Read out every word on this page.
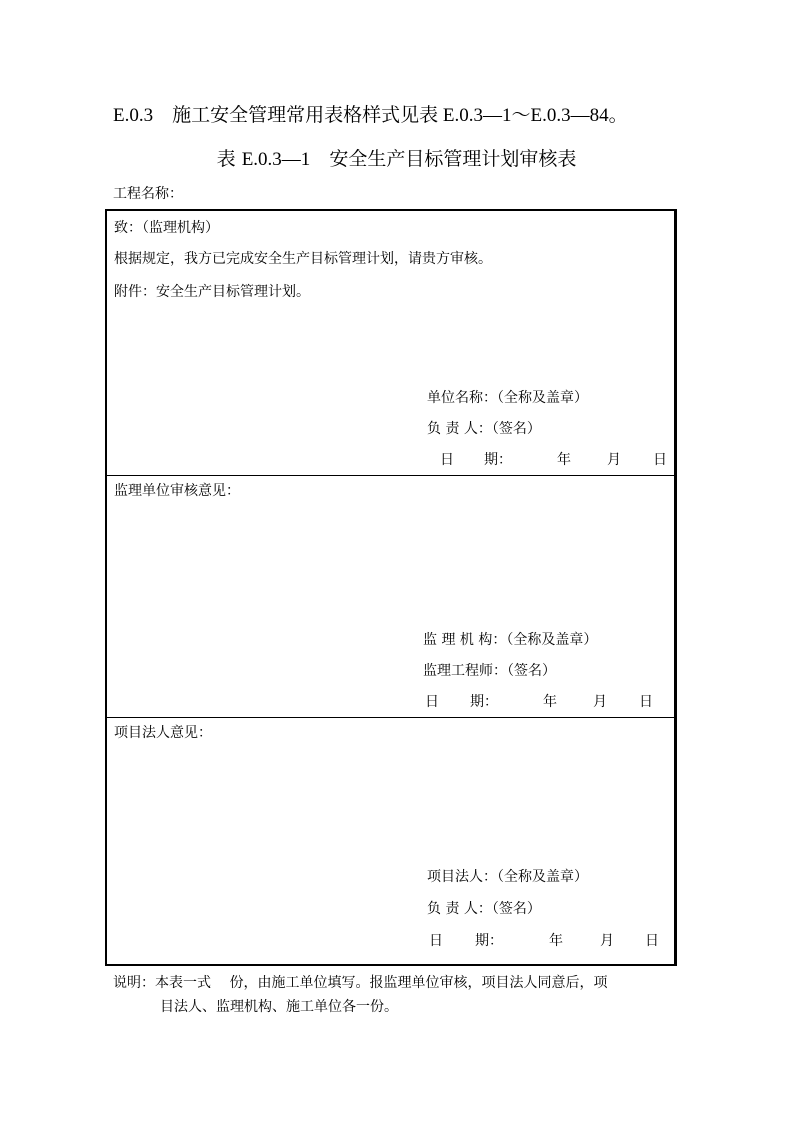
E.0.3　施工安全管理常用表格样式见表 E.0.3—1～E.0.3—84。
表 E.0.3—1　 安全生产目标管理计划审核表
工程名称：
致：（监理机构）
根据规定，我方已完成安全生产目标管理计划，请贵方审核。
附件：安全生产目标管理计划。
单位名称：（全称及盖章）
负 责 人：（签名）
日 期：	年	月 日
监理单位审核意见：
监 理 机 构：（全称及盖章）
监理工程师：（签名）
日 期：	年	月 日
项目法人意见：
项目法人：（全称及盖章）
负 责 人：（签名）
日 期：	年	月 日
说明：本表一式　 份，由施工单位填写。报监理单位审核，项目法人同意后，项
目法人、监理机构、施工单位各一份。
